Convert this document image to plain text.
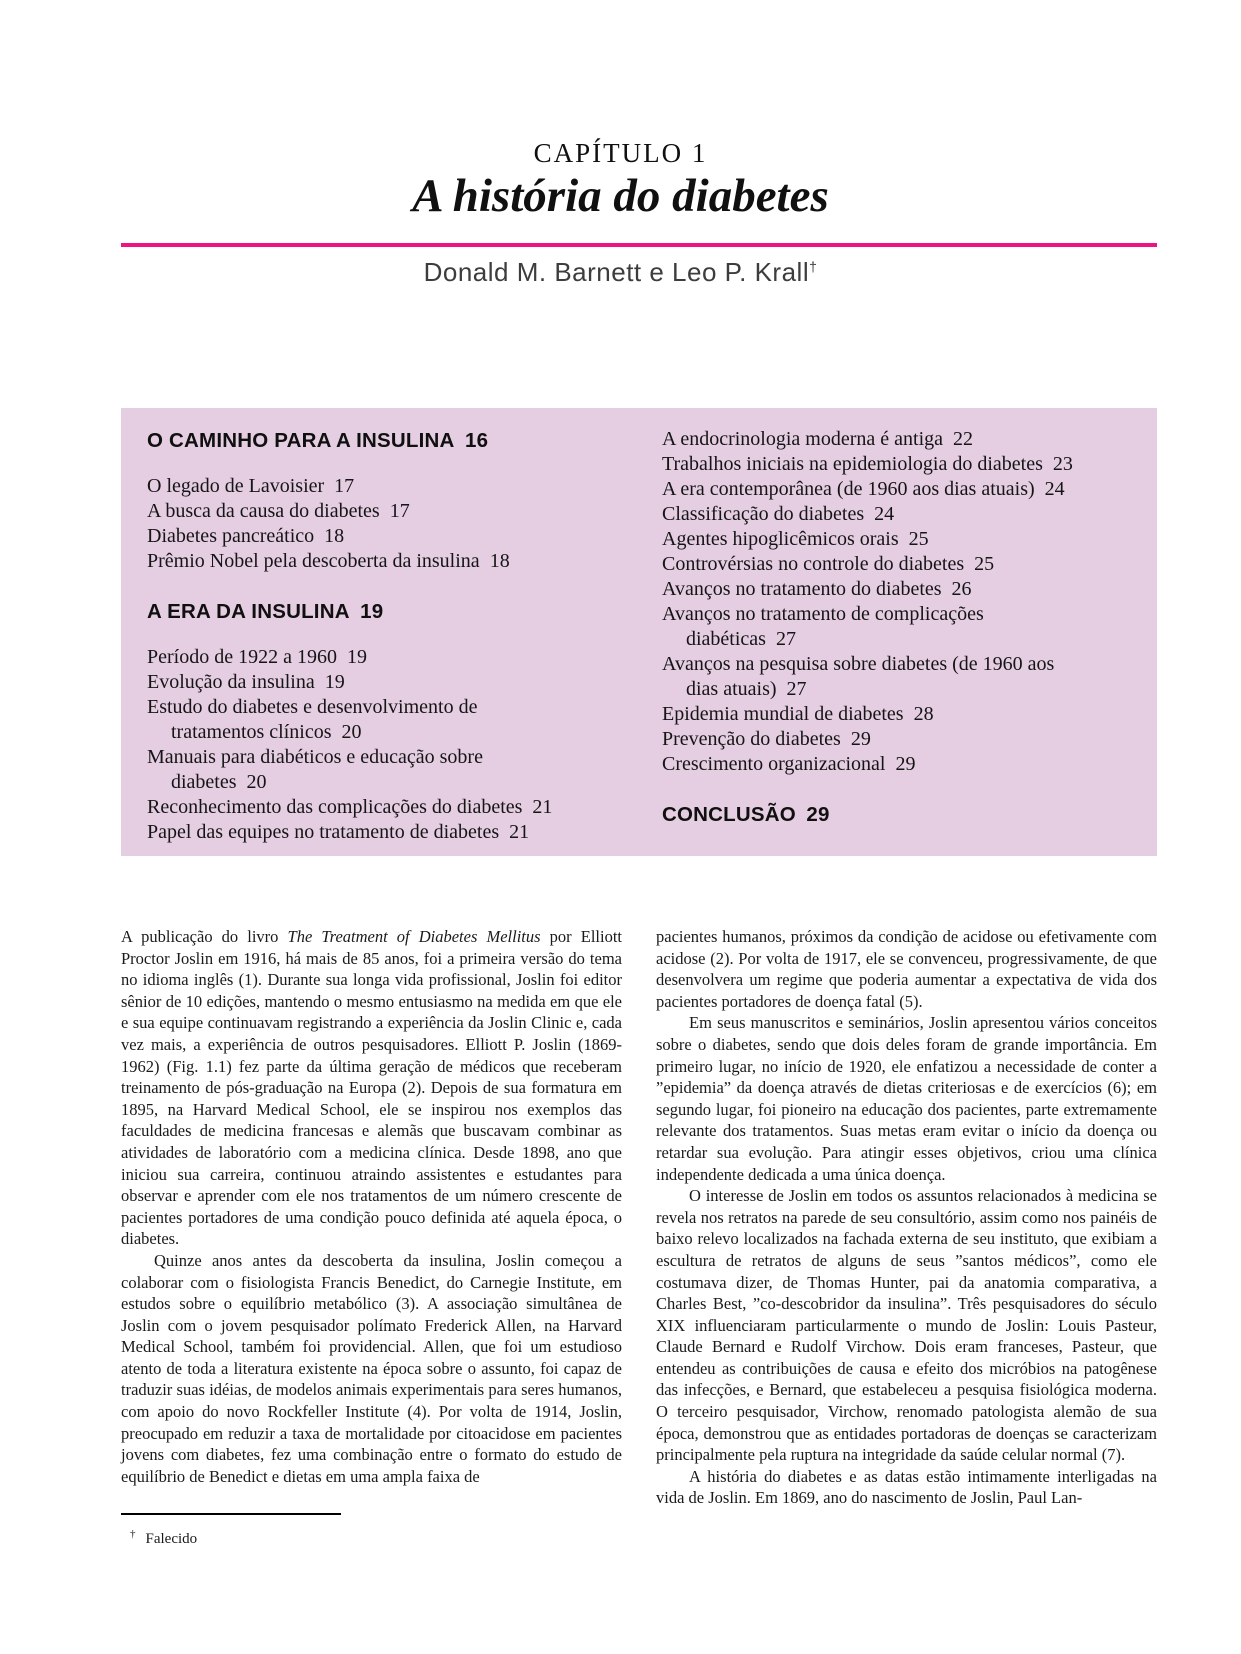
CAPÍTULO 1
A história do diabetes
Donald M. Barnett e Leo P. Krall†
O CAMINHO PARA A INSULINA 16
O legado de Lavoisier 17
A busca da causa do diabetes 17
Diabetes pancreático 18
Prêmio Nobel pela descoberta da insulina 18
A ERA DA INSULINA 19
Período de 1922 a 1960 19
Evolução da insulina 19
Estudo do diabetes e desenvolvimento de
tratamentos clínicos 20
Manuais para diabéticos e educação sobre
diabetes 20
Reconhecimento das complicações do diabetes 21
Papel das equipes no tratamento de diabetes 21
A endocrinologia moderna é antiga 22
Trabalhos iniciais na epidemiologia do diabetes 23
A era contemporânea (de 1960 aos dias atuais) 24
Classificação do diabetes 24
Agentes hipoglicêmicos orais 25
Controvérsias no controle do diabetes 25
Avanços no tratamento do diabetes 26
Avanços no tratamento de complicações
diabéticas 27
Avanços na pesquisa sobre diabetes (de 1960 aos
dias atuais) 27
Epidemia mundial de diabetes 28
Prevenção do diabetes 29
Crescimento organizacional 29
CONCLUSÃO 29

A publicação do livro The Treatment of Diabetes Mellitus por Elliott Proctor Joslin em 1916, há mais de 85 anos, foi a primeira versão do tema no idioma inglês (1). Durante sua longa vida profissional, Joslin foi editor sênior de 10 edições, mantendo o mesmo entusiasmo na medida em que ele e sua equipe continuavam registrando a experiência da Joslin Clinic e, cada vez mais, a experiência de outros pesquisadores. Elliott P. Joslin (1869-1962) (Fig. 1.1) fez parte da última geração de médicos que receberam treinamento de pós-graduação na Europa (2). Depois de sua formatura em 1895, na Harvard Medical School, ele se inspirou nos exemplos das faculdades de medicina francesas e alemãs que buscavam combinar as atividades de laboratório com a medicina clínica. Desde 1898, ano que iniciou sua carreira, continuou atraindo assistentes e estudantes para observar e aprender com ele nos tratamentos de um número crescente de pacientes portadores de uma condição pouco definida até aquela época, o diabetes.

Quinze anos antes da descoberta da insulina, Joslin começou a colaborar com o fisiologista Francis Benedict, do Carnegie Institute, em estudos sobre o equilíbrio metabólico (3). A associação simultânea de Joslin com o jovem pesquisador polímato Frederick Allen, na Harvard Medical School, também foi providencial. Allen, que foi um estudioso atento de toda a literatura existente na época sobre o assunto, foi capaz de traduzir suas idéias, de modelos animais experimentais para seres humanos, com apoio do novo Rockfeller Institute (4). Por volta de 1914, Joslin, preocupado em reduzir a taxa de mortalidade por citoacidose em pacientes jovens com diabetes, fez uma combinação entre o formato do estudo de equilíbrio de Benedict e dietas em uma ampla faixa de

† Falecido

pacientes humanos, próximos da condição de acidose ou efetivamente com acidose (2). Por volta de 1917, ele se convenceu, progressivamente, de que desenvolvera um regime que poderia aumentar a expectativa de vida dos pacientes portadores de doença fatal (5).

Em seus manuscritos e seminários, Joslin apresentou vários conceitos sobre o diabetes, sendo que dois deles foram de grande importância. Em primeiro lugar, no início de 1920, ele enfatizou a necessidade de conter a ”epidemia” da doença através de dietas criteriosas e de exercícios (6); em segundo lugar, foi pioneiro na educação dos pacientes, parte extremamente relevante dos tratamentos. Suas metas eram evitar o início da doença ou retardar sua evolução. Para atingir esses objetivos, criou uma clínica independente dedicada a uma única doença.

O interesse de Joslin em todos os assuntos relacionados à medicina se revela nos retratos na parede de seu consultório, assim como nos painéis de baixo relevo localizados na fachada externa de seu instituto, que exibiam a escultura de retratos de alguns de seus ”santos médicos”, como ele costumava dizer, de Thomas Hunter, pai da anatomia comparativa, a Charles Best, ”co-descobridor da insulina”. Três pesquisadores do século XIX influenciaram particularmente o mundo de Joslin: Louis Pasteur, Claude Bernard e Rudolf Virchow. Dois eram franceses, Pasteur, que entendeu as contribuições de causa e efeito dos micróbios na patogênese das infecções, e Bernard, que estabeleceu a pesquisa fisiológica moderna. O terceiro pesquisador, Virchow, renomado patologista alemão de sua época, demonstrou que as entidades portadoras de doenças se caracterizam principalmente pela ruptura na integridade da saúde celular normal (7).

A história do diabetes e as datas estão intimamente interligadas na vida de Joslin. Em 1869, ano do nascimento de Joslin, Paul Lan-
